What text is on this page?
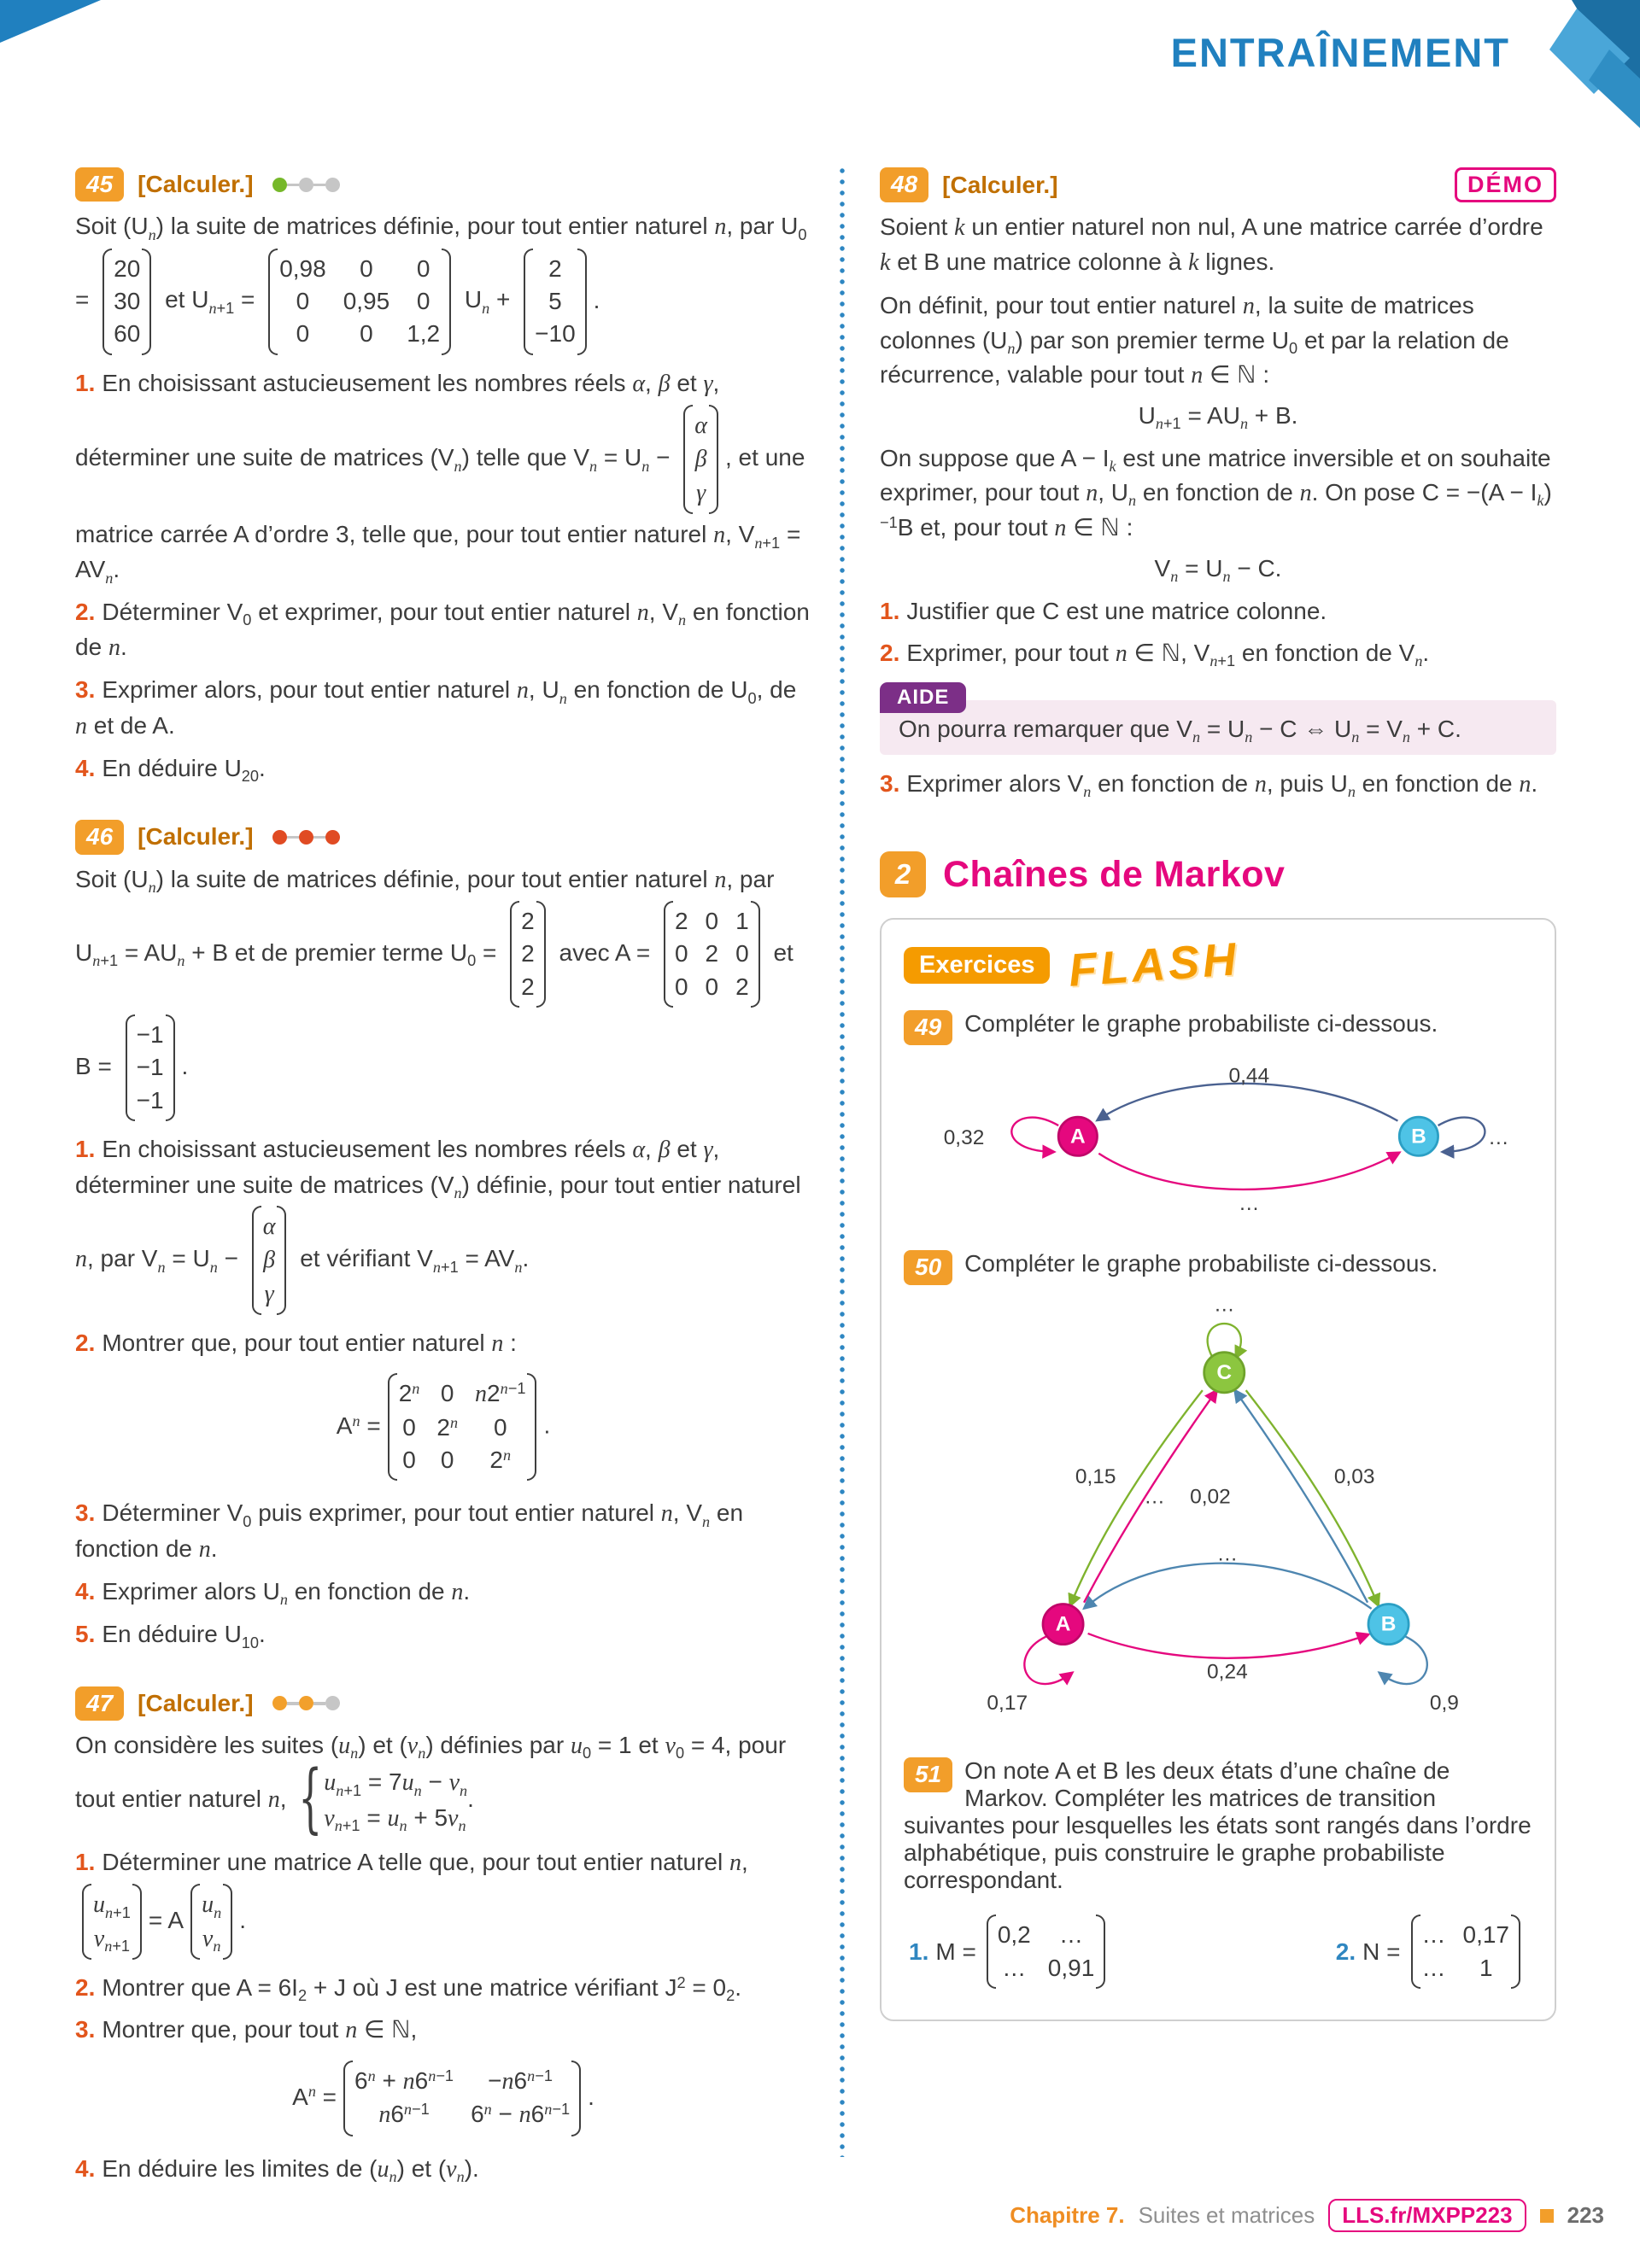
ENTRAÎNEMENT
45	[Calculer.]

Soit $(U_n)$ la suite de matrices définie, pour tout entier naturel n, par $U_0$ =
20
30
60
et $U_{n+1}$ =
0,98	0	0
0	0,95	0
0	0	1,2
$U_n$ +
2
5
−10
.

1. En choisissant astucieusement les nombres réels α, β et γ, déterminer une suite de matrices $(V_n)$ telle que $V_n = U_n$ −
α
β
γ
, et une matrice carrée A d’ordre 3, telle que, pour tout entier naturel n, $V_{n+1} = AV_n$.

2. Déterminer $V_0$ et exprimer, pour tout entier naturel n, $V_n$ en fonction de n.

3. Exprimer alors, pour tout entier naturel n, $U_n$ en fonction de $U_0$, de n et de A.

4. En déduire $U_{20}$.

46	[Calculer.]

Soit $(U_n)$ la suite de matrices définie, pour tout entier naturel n, par $U_{n+1} = AU_n + B$ et de premier terme $U_0$ =
2
2
2
avec A =
2 0 1
0 2 0
0 0 2
et B =
−1
−1
−1
.

1. En choisissant astucieusement les nombres réels α, β et γ, déterminer une suite de matrices $(V_n)$ définie, pour tout entier naturel n, par $V_n = U_n$ −
α
β
γ
et vérifiant $V_{n+1} = AV_n$.

2. Montrer que, pour tout entier naturel n :

$A^n$ =
$2^n$ 0 $n2^{n-1}$
0 2$^n$	0
0 0	2$^n$
.

3. Déterminer $V_0$ puis exprimer, pour tout entier naturel n, $V_n$ en fonction de n.

4. Exprimer alors $U_n$ en fonction de n.

5. En déduire $U_{10}$.

47	[Calculer.]

On considère les suites $(u_n)$ et $(v_n)$ définies par $u_0 = 1$ et $v_0 = 4$, pour tout entier naturel n,
{ $u_{n+1} = 7u_n - v_n$
$v_{n+1} = u_n + 5v_n$
.

1. Déterminer une matrice A telle que, pour tout entier naturel n,
$u_{n+1}$
$v_{n+1}$
= A
$u_n$
$v_n$
.

2. Montrer que $A = 6I_2 + J$ où J est une matrice vérifiant $J^2 = 0_2$.

3. Montrer que, pour tout n ∈ ℕ,

$A^n$ =
$6^n + n6^{n-1}$	$-n6^{n-1}$
$n6^{n-1}$	$6^n - n6^{n-1}$ .

4. En déduire les limites de $(u_n)$ et $(v_n)$.

48	[Calculer.]	DÉMO

Soient k un entier naturel non nul, A une matrice carrée d’ordre k et B une matrice colonne à k lignes.

On définit, pour tout entier naturel n, la suite de matrices colonnes $(U_n)$ par son premier terme $U_0$ et par la relation de récurrence, valable pour tout n ∈ ℕ :

$U_{n+1} = AU_n + B$.

On suppose que $A - I_k$ est une matrice inversible et on souhaite exprimer, pour tout n, $U_n$ en fonction de n. On pose $C = -(A - I_k)^{-1}B$ et, pour tout n ∈ ℕ :

$V_n = U_n - C$.

1. Justifier que C est une matrice colonne.

2. Exprimer, pour tout n ∈ ℕ, $V_{n+1}$ en fonction de $V_n$.

AIDE
On pourra remarquer que $V_n = U_n - C$ ⇔ $U_n = V_n + C$.

3. Exprimer alors $V_n$ en fonction de n, puis $U_n$ en fonction de n.

2 Chaînes de Markov
Exercices FLASH
49 Compléter le graphe probabiliste ci-dessous.
0,44
…
0,32	…
A	B
50 Compléter le graphe probabiliste ci-dessous.
…
0,15
…
0,03
0,02
…
0,24
0,17	0,9
C
A	B
51 On note A et B les deux états d’une chaîne de Markov. Compléter les matrices de transition suivantes pour lesquelles les états sont rangés dans l’ordre alphabétique, puis construire le graphe probabiliste correspondant.
1. M =
0,2	…
… 0,91
2. N =
… 0,17
…	1
Chapitre 7. Suites et matrices	LLS.fr/MXPP223	223
